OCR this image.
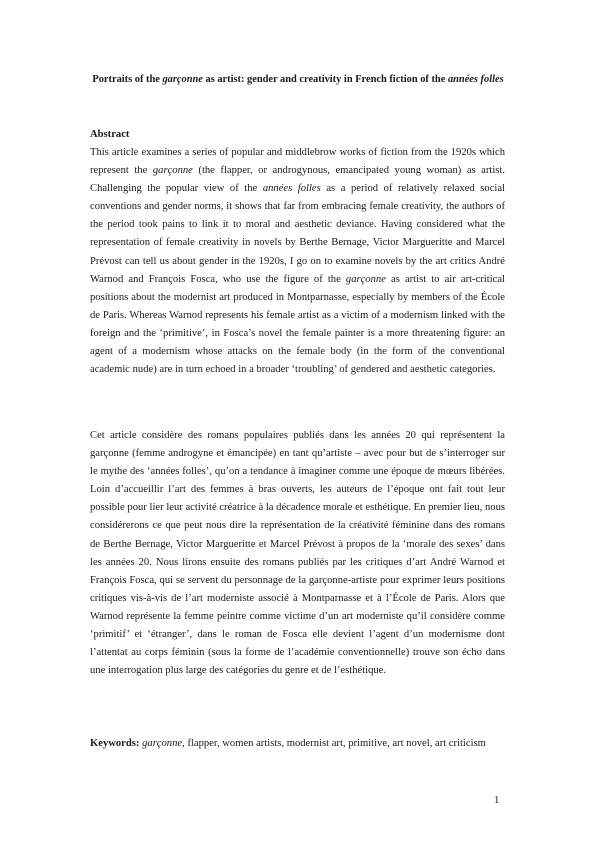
Portraits of the garçonne as artist: gender and creativity in French fiction of the années folles
Abstract
This article examines a series of popular and middlebrow works of fiction from the 1920s which represent the garçonne (the flapper, or androgynous, emancipated young woman) as artist. Challenging the popular view of the années folles as a period of relatively relaxed social conventions and gender norms, it shows that far from embracing female creativity, the authors of the period took pains to link it to moral and aesthetic deviance. Having considered what the representation of female creativity in novels by Berthe Bernage, Victor Margueritte and Marcel Prévost can tell us about gender in the 1920s, I go on to examine novels by the art critics André Warnod and François Fosca, who use the figure of the garçonne as artist to air art-critical positions about the modernist art produced in Montparnasse, especially by members of the École de Paris. Whereas Warnod represents his female artist as a victim of a modernism linked with the foreign and the ‘primitive’, in Fosca’s novel the female painter is a more threatening figure: an agent of a modernism whose attacks on the female body (in the form of the conventional academic nude) are in turn echoed in a broader ‘troubling’ of gendered and aesthetic categories.
Cet article considère des romans populaires publiés dans les années 20 qui représentent la garçonne (femme androgyne et émancipée) en tant qu’artiste – avec pour but de s’interroger sur le mythe des ‘années folles’, qu’on a tendance à imaginer comme une époque de mœurs libérées. Loin d’accueillir l’art des femmes à bras ouverts, les auteurs de l’époque ont fait tout leur possible pour lier leur activité créatrice à la décadence morale et esthétique. En premier lieu, nous considérerons ce que peut nous dire la représentation de la créativité féminine dans des romans de Berthe Bernage, Victor Margueritte et Marcel Prévost à propos de la ‘morale des sexes’ dans les années 20. Nous lirons ensuite des romans publiés par les critiques d’art André Warnod et François Fosca, qui se servent du personnage de la garçonne-artiste pour exprimer leurs positions critiques vis-à-vis de l’art moderniste associé à Montparnasse et à l’École de Paris. Alors que Warnod représente la femme peintre comme victime d’un art moderniste qu’il considère comme ‘primitif’ et ‘étranger’, dans le roman de Fosca elle devient l’agent d’un modernisme dont l’attentat au corps féminin (sous la forme de l’académie conventionnelle) trouve son écho dans une interrogation plus large des catégories du genre et de l’esthétique.
Keywords: garçonne, flapper, women artists, modernist art, primitive, art novel, art criticism
1
